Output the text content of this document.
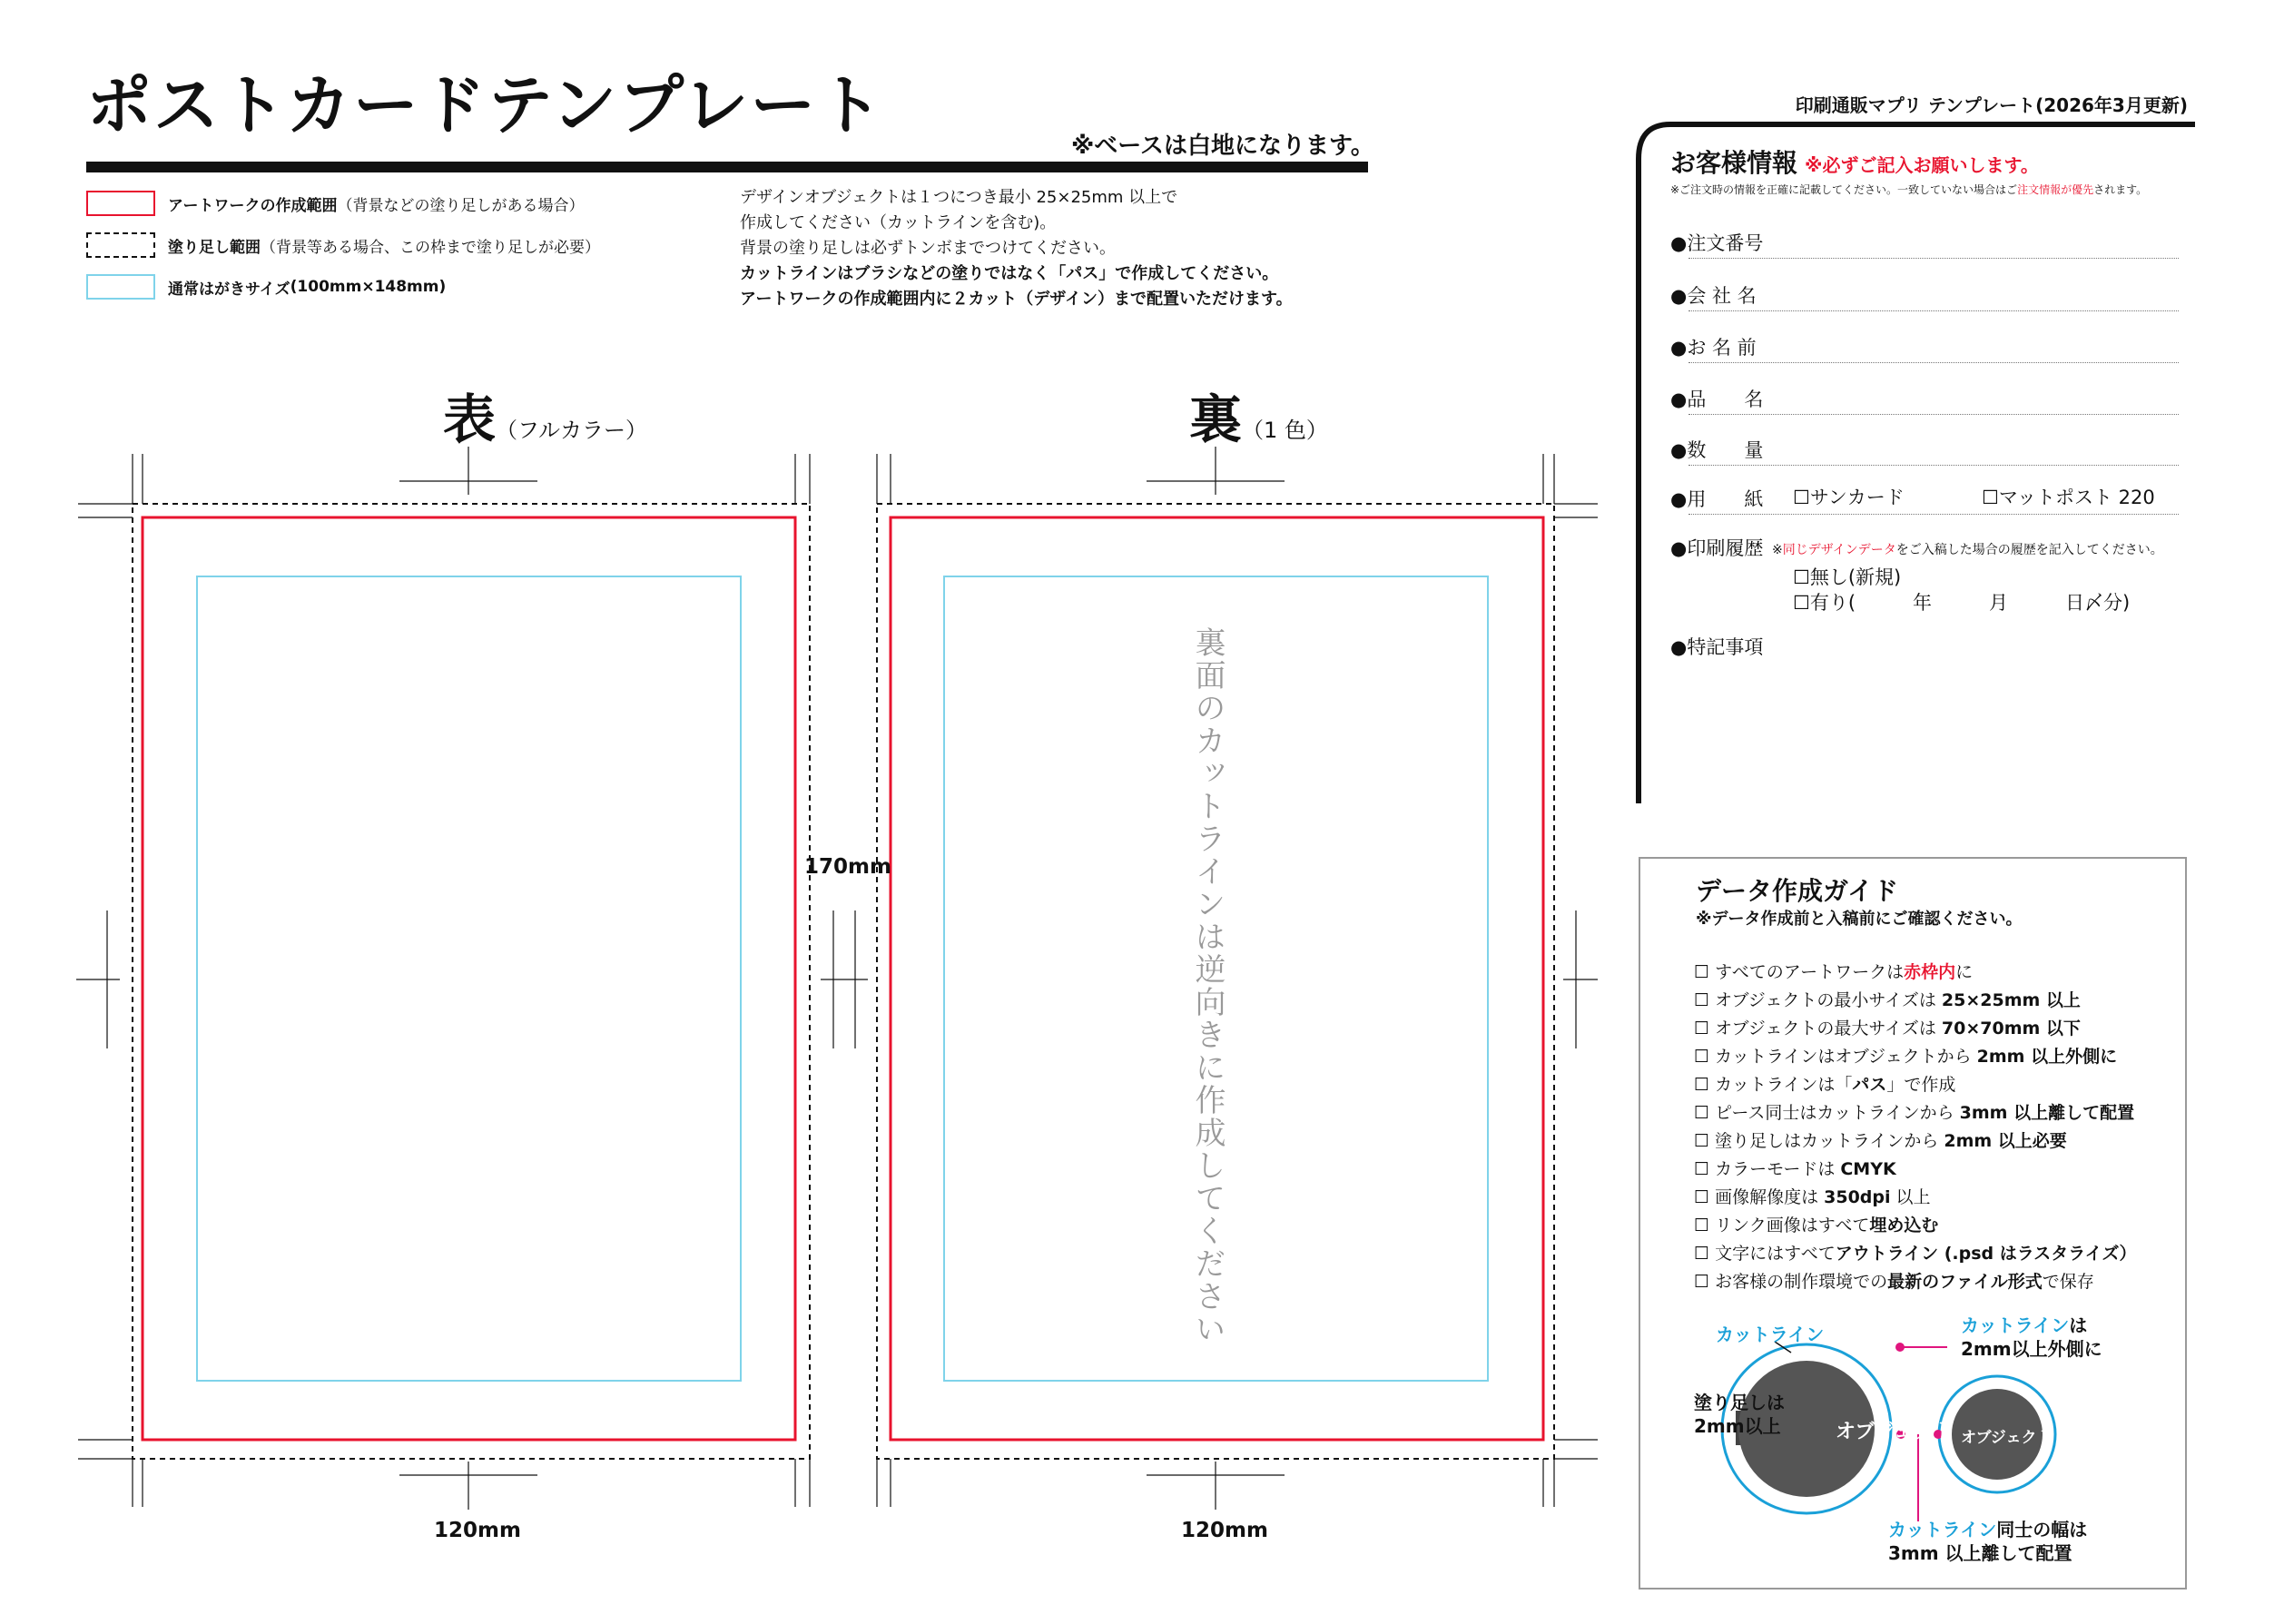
ポストカードテンプレート
※ベースは白地になります。
印刷通販マプリ テンプレート(2026年3月更新)
アートワークの作成範囲 （背景などの塗り足しがある場合）
塗り足し範囲 （背景等ある場合、この枠まで塗り足しが必要）
通常はがきサイズ (100mm×148mm)
デザインオブジェクトは１つにつき最小 25×25mm 以上で
作成してください（カットラインを含む)。
背景の塗り足しは必ずトンボまでつけてください。
カットラインはブラシなどの塗りではなく「パス」で作成してください。
アートワークの作成範囲内に２カット（デザイン）まで配置いただけます。
表 （フルカラー）	裏 （1 色）
170mm
120mm	120mm
裏面のカットラインは逆向きに作成してください
お客様情報 ※必ずご記入お願いします。
※ご注文時の情報を正確に記載してください。一致していない場合はご注文情報が優先されます。
●注文番号
●会 社 名
●お 名 前
●品　　名
●数　　量
●用　　紙	☐サンカード	☐マットポスト 220
●印刷履歴 ※同じデザインデータをご入稿した場合の履歴を記入してください。
☐無し(新規)
☐有り(　　　年　　　月　　　日〆分)
●特記事項
データ作成ガイド
※データ作成前と入稿前にご確認ください。
☐ すべてのアートワークは赤枠内に
☐ オブジェクトの最小サイズは 25×25mm 以上
☐ オブジェクトの最大サイズは 70×70mm 以下
☐ カットラインはオブジェクトから 2mm 以上外側に
☐ カットラインは「パス」で作成
☐ ピース同士はカットラインから 3mm 以上離して配置
☐ 塗り足しはカットラインから 2mm 以上必要
☐ カラーモードは CMYK
☐ 画像解像度は 350dpi 以上
☐ リンク画像はすべて埋め込む
☐ 文字にはすべてアウトライン (.psd はラスタライズ）
☐ お客様の制作環境での最新のファイル形式で保存
カットライン	カットラインは
2mm以上外側に
塗り足しは
2mm以上	オブジェクト オブジェクト
カットライン同士の幅は
3mm 以上離して配置
